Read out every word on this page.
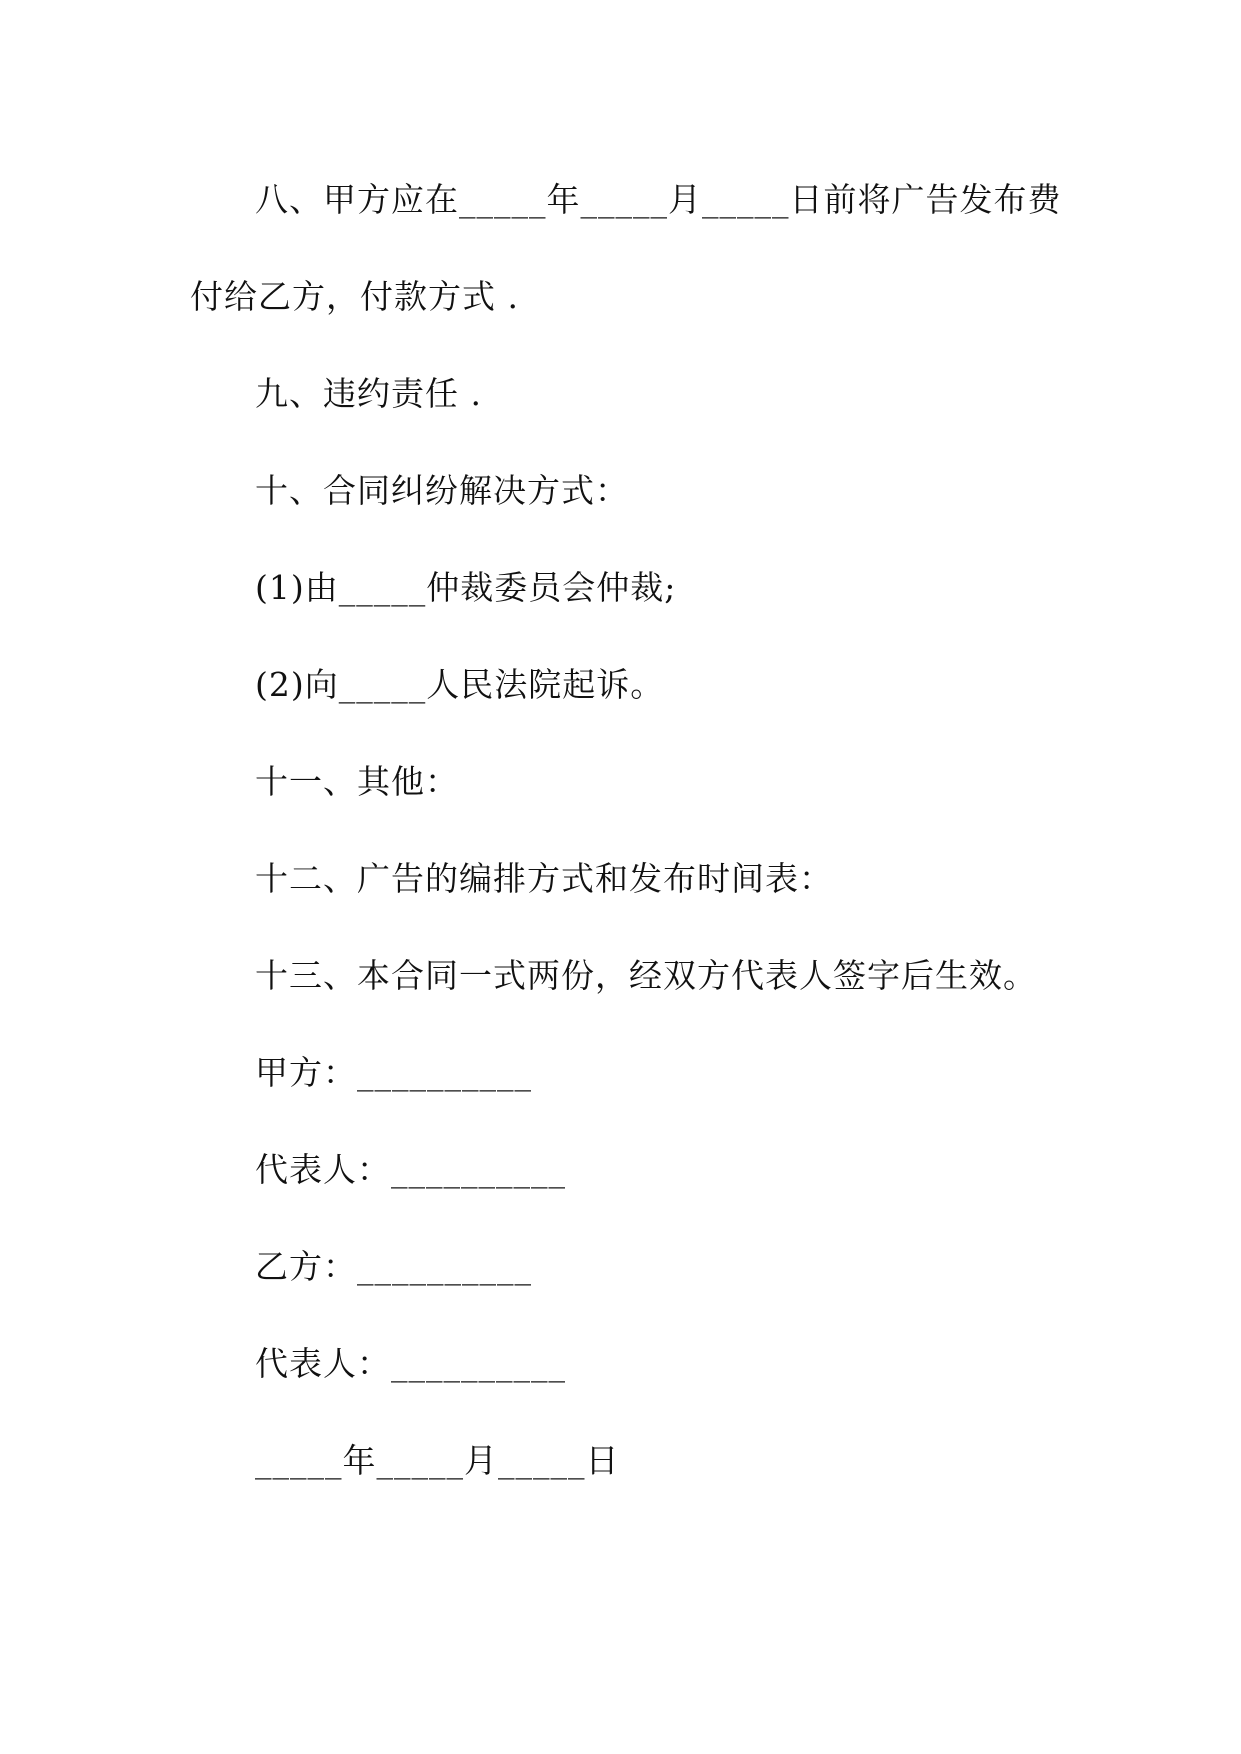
八、甲方应在_____年_____月_____日前将广告发布费
付给乙方，付款方式 .
九、违约责任 .
十、合同纠纷解决方式：
(1)由_____仲裁委员会仲裁;
(2)向_____人民法院起诉。
十一、其他：
十二、广告的编排方式和发布时间表：
十三、本合同一式两份，经双方代表人签字后生效。
甲方：__________
代表人：__________
乙方：__________
代表人：__________
_____年_____月_____日
